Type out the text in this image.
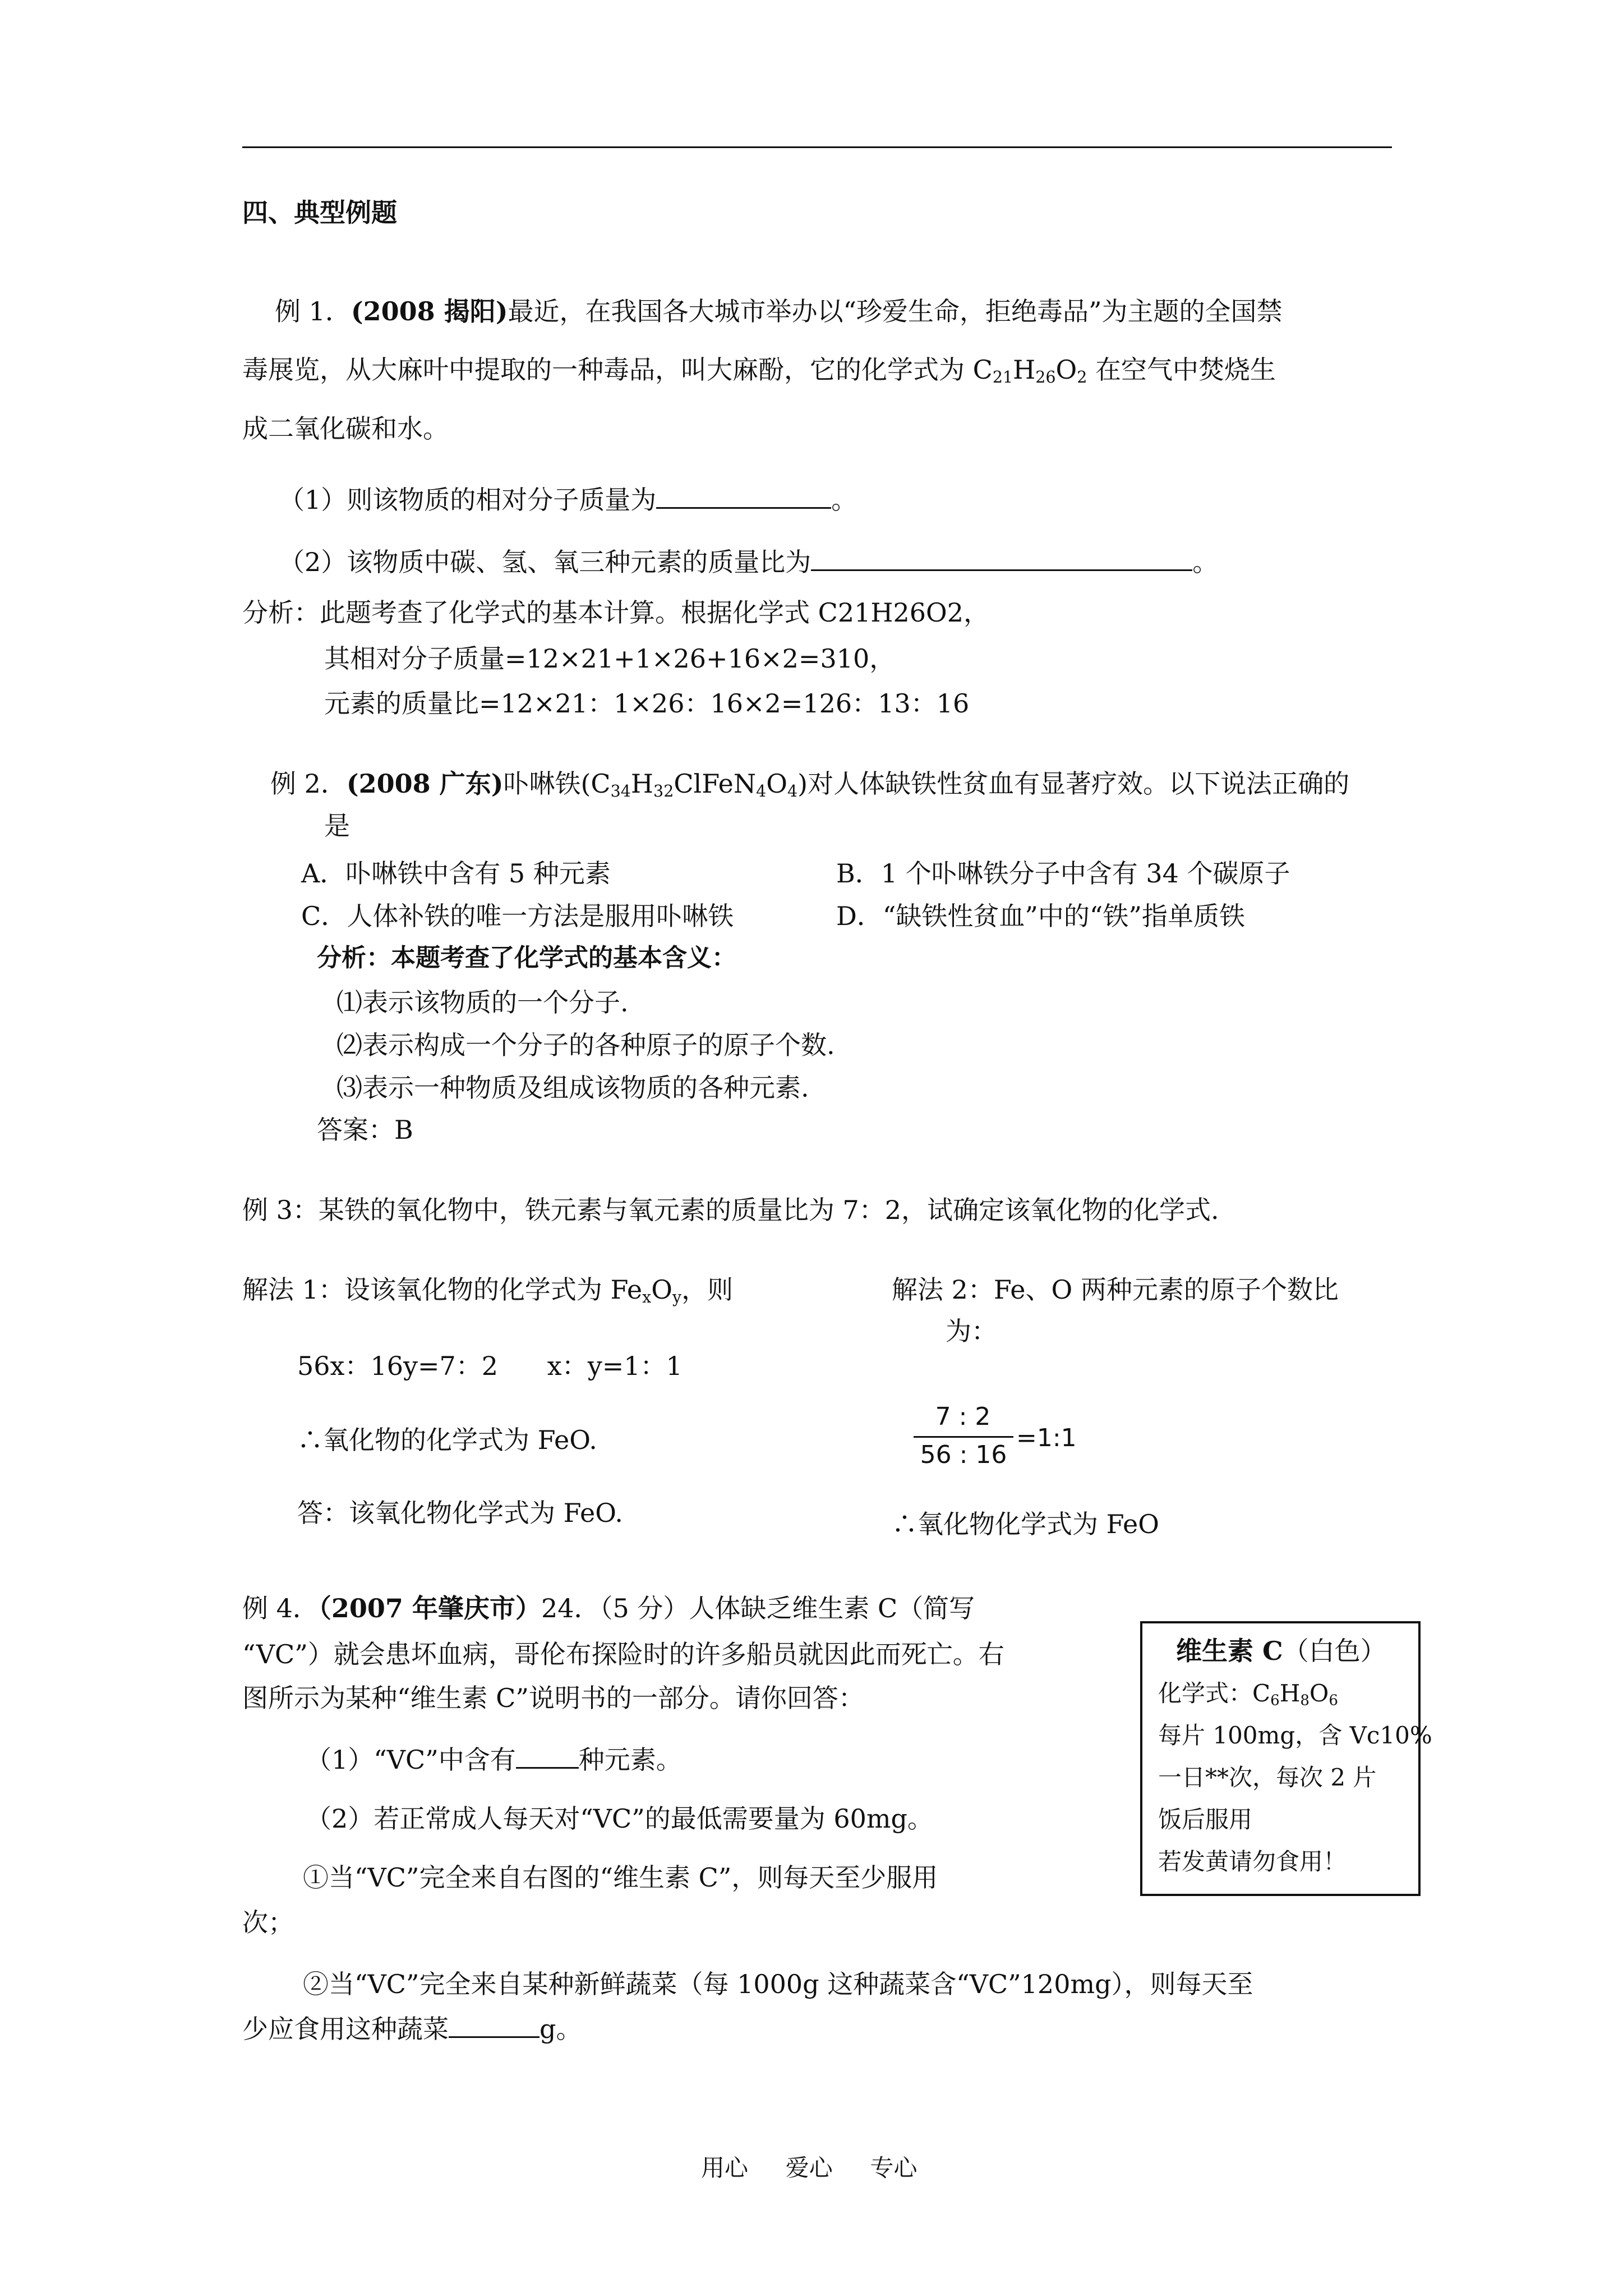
四、典型例题
例 1．(2008 揭阳)最近，在我国各大城市举办以“珍爱生命，拒绝毒品”为主题的全国禁
毒展览，从大麻叶中提取的一种毒品，叫大麻酚，它的化学式为 $C_{21}H_{26}O_2$ 在空气中焚烧生
成二氧化碳和水。
（1）则该物质的相对分子质量为	。
（2）该物质中碳、氢、氧三种元素的质量比为	。
分析：此题考查了化学式的基本计算。根据化学式 C21H26O2，
其相对分子质量=12×21+1×26+16×2=310，
元素的质量比=12×21：1×26：16×2=126：13：16
例 2．(2008 广东)卟啉铁$(C_{34}H_{32}ClFeN_4O_4)$对人体缺铁性贫血有显著疗效。以下说法正确的
是
A．卟啉铁中含有 5 种元素	B．1 个卟啉铁分子中含有 34 个碳原子
C．人体补铁的唯一方法是服用卟啉铁	D．“缺铁性贫血”中的“铁”指单质铁
分析：本题考查了化学式的基本含义：
⑴表示该物质的一个分子.
⑵表示构成一个分子的各种原子的原子个数.
⑶表示一种物质及组成该物质的各种元素.
答案：B
例 3：某铁的氧化物中，铁元素与氧元素的质量比为 7：2，试确定该氧化物的化学式.
解法 1：设该氧化物的化学式为 $Fe_xO_y$，则
56x：16y=7：2      x：y=1：1
∴氧化物的化学式为 FeO.
答：该氧化物化学式为 FeO.
解法 2：Fe、O 两种元素的原子个数比
为：
7 : 2
56 : 16
=1:1
∴氧化物化学式为 FeO
例 4．（2007 年肇庆市）24．（5 分）人体缺乏维生素 C（简写
“VC”）就会患坏血病，哥伦布探险时的许多船员就因此而死亡。右
图所示为某种“维生素 C”说明书的一部分。请你回答：
（1）“VC”中含有 种元素。
（2）若正常成人每天对“VC”的最低需要量为 60mg。
①当“VC”完全来自右图的“维生素 C”，则每天至少服用
次；
②当“VC”完全来自某种新鲜蔬菜（每 1000g 这种蔬菜含“VC”120mg），则每天至
少应食用这种蔬菜	g。
维生素 C（白色）
化学式：$C_6H_8O_6$
每片 100mg，含 Vc10%
一日**次，每次 2 片
饭后服用
若发黄请勿食用！
用心     爱心     专心
